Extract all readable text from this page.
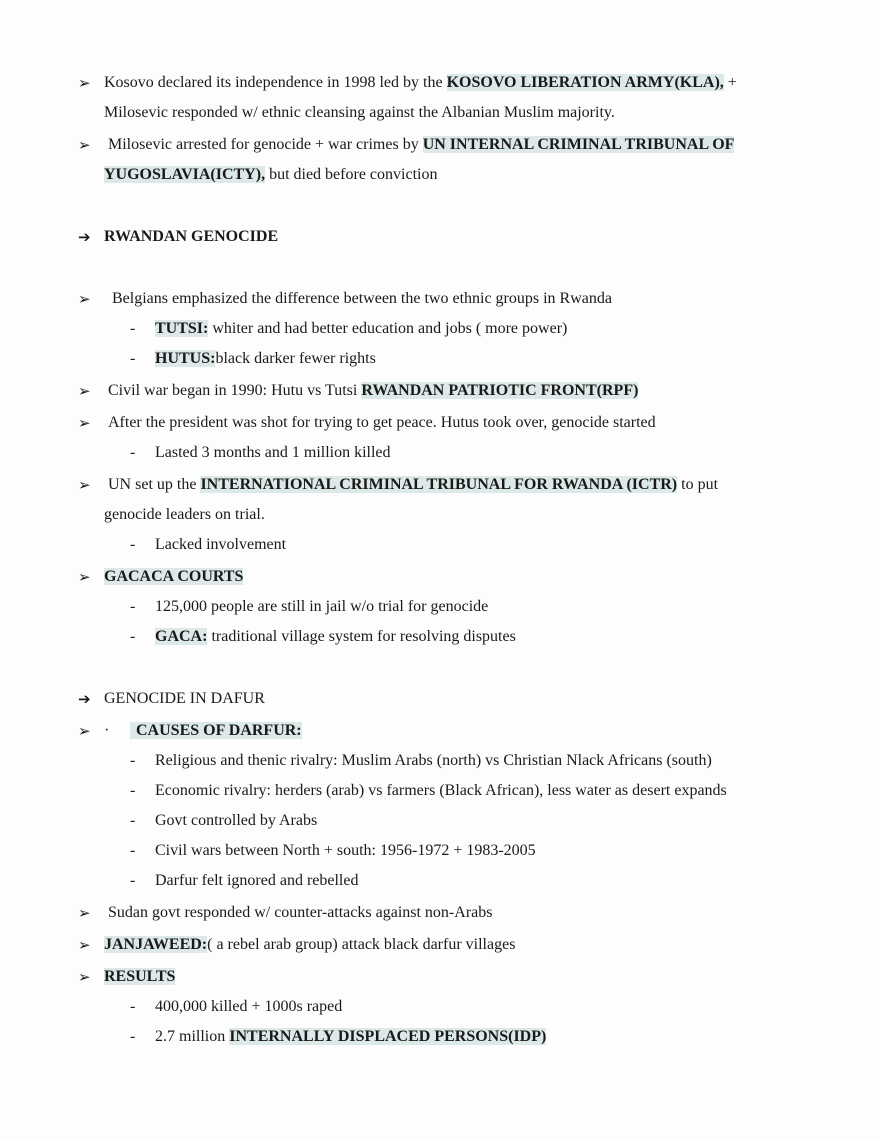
➢ Kosovo declared its independence in 1998 led by the KOSOVO LIBERATION ARMY(KLA), +
Milosevic responded w/ ethnic cleansing against the Albanian Muslim majority.
➢ Milosevic arrested for genocide + war crimes by UN INTERNAL CRIMINAL TRIBUNAL OF
YUGOSLAVIA(ICTY), but died before conviction
➔ RWANDAN GENOCIDE
➢ Belgians emphasized the difference between the two ethnic groups in Rwanda
- TUTSI: whiter and had better education and jobs ( more power)
- HUTUS:black darker fewer rights
➢ Civil war began in 1990: Hutu vs Tutsi RWANDAN PATRIOTIC FRONT(RPF)
➢ After the president was shot for trying to get peace. Hutus took over, genocide started
- Lasted 3 months and 1 million killed
➢ UN set up the INTERNATIONAL CRIMINAL TRIBUNAL FOR RWANDA (ICTR) to put
genocide leaders on trial.
- Lacked involvement
➢ GACACA COURTS
- 125,000 people are still in jail w/o trial for genocide
- GACA: traditional village system for resolving disputes
➔ GENOCIDE IN DAFUR
➢ ·	CAUSES OF DARFUR:
- Religious and thenic rivalry: Muslim Arabs (north) vs Christian Nlack Africans (south)
- Economic rivalry: herders (arab) vs farmers (Black African), less water as desert expands
- Govt controlled by Arabs
- Civil wars between North + south: 1956-1972 + 1983-2005
- Darfur felt ignored and rebelled
➢ Sudan govt responded w/ counter-attacks against non-Arabs
➢ JANJAWEED:( a rebel arab group) attack black darfur villages
➢ RESULTS
- 400,000 killed + 1000s raped
- 2.7 million INTERNALLY DISPLACED PERSONS(IDP)
